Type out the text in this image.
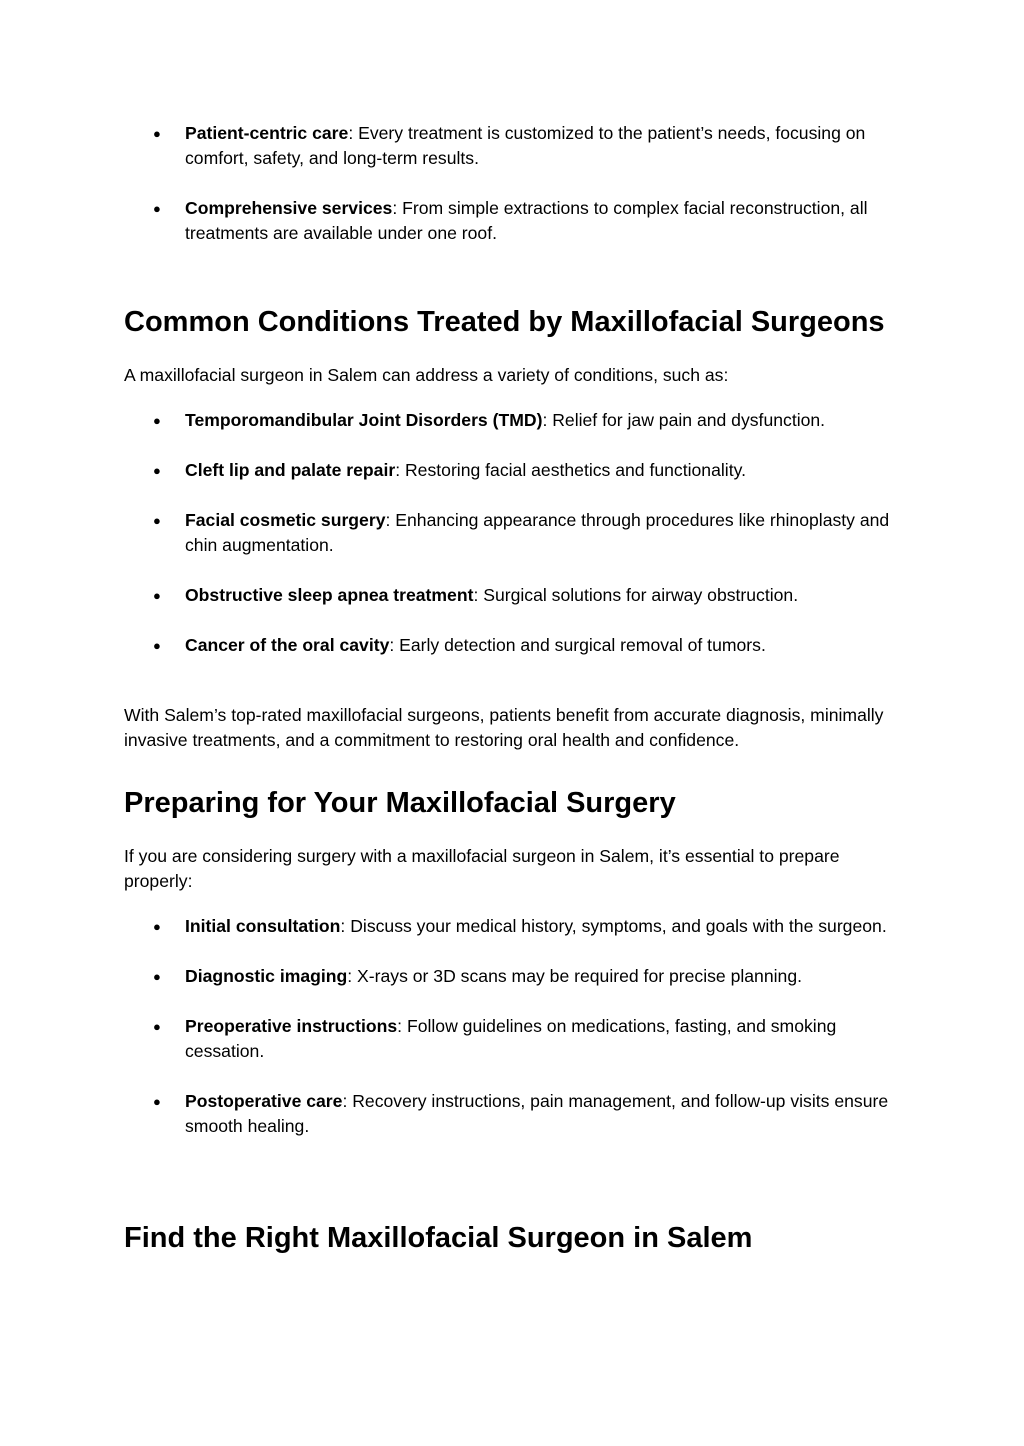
● Patient-centric care: Every treatment is customized to the patient’s needs, focusing on comfort, safety, and long-term results.
● Comprehensive services: From simple extractions to complex facial reconstruction, all treatments are available under one roof.
Common Conditions Treated by Maxillofacial Surgeons

A maxillofacial surgeon in Salem can address a variety of conditions, such as:

● Temporomandibular Joint Disorders (TMD): Relief for jaw pain and dysfunction.
● Cleft lip and palate repair: Restoring facial aesthetics and functionality.
● Facial cosmetic surgery: Enhancing appearance through procedures like rhinoplasty and chin augmentation.
● Obstructive sleep apnea treatment: Surgical solutions for airway obstruction.
● Cancer of the oral cavity: Early detection and surgical removal of tumors.

With Salem’s top-rated maxillofacial surgeons, patients benefit from accurate diagnosis, minimally invasive treatments, and a commitment to restoring oral health and confidence.

Preparing for Your Maxillofacial Surgery

If you are considering surgery with a maxillofacial surgeon in Salem, it’s essential to prepare properly:

● Initial consultation: Discuss your medical history, symptoms, and goals with the surgeon.
● Diagnostic imaging: X-rays or 3D scans may be required for precise planning.
● Preoperative instructions: Follow guidelines on medications, fasting, and smoking cessation.
● Postoperative care: Recovery instructions, pain management, and follow-up visits ensure smooth healing.
Find the Right Maxillofacial Surgeon in Salem
